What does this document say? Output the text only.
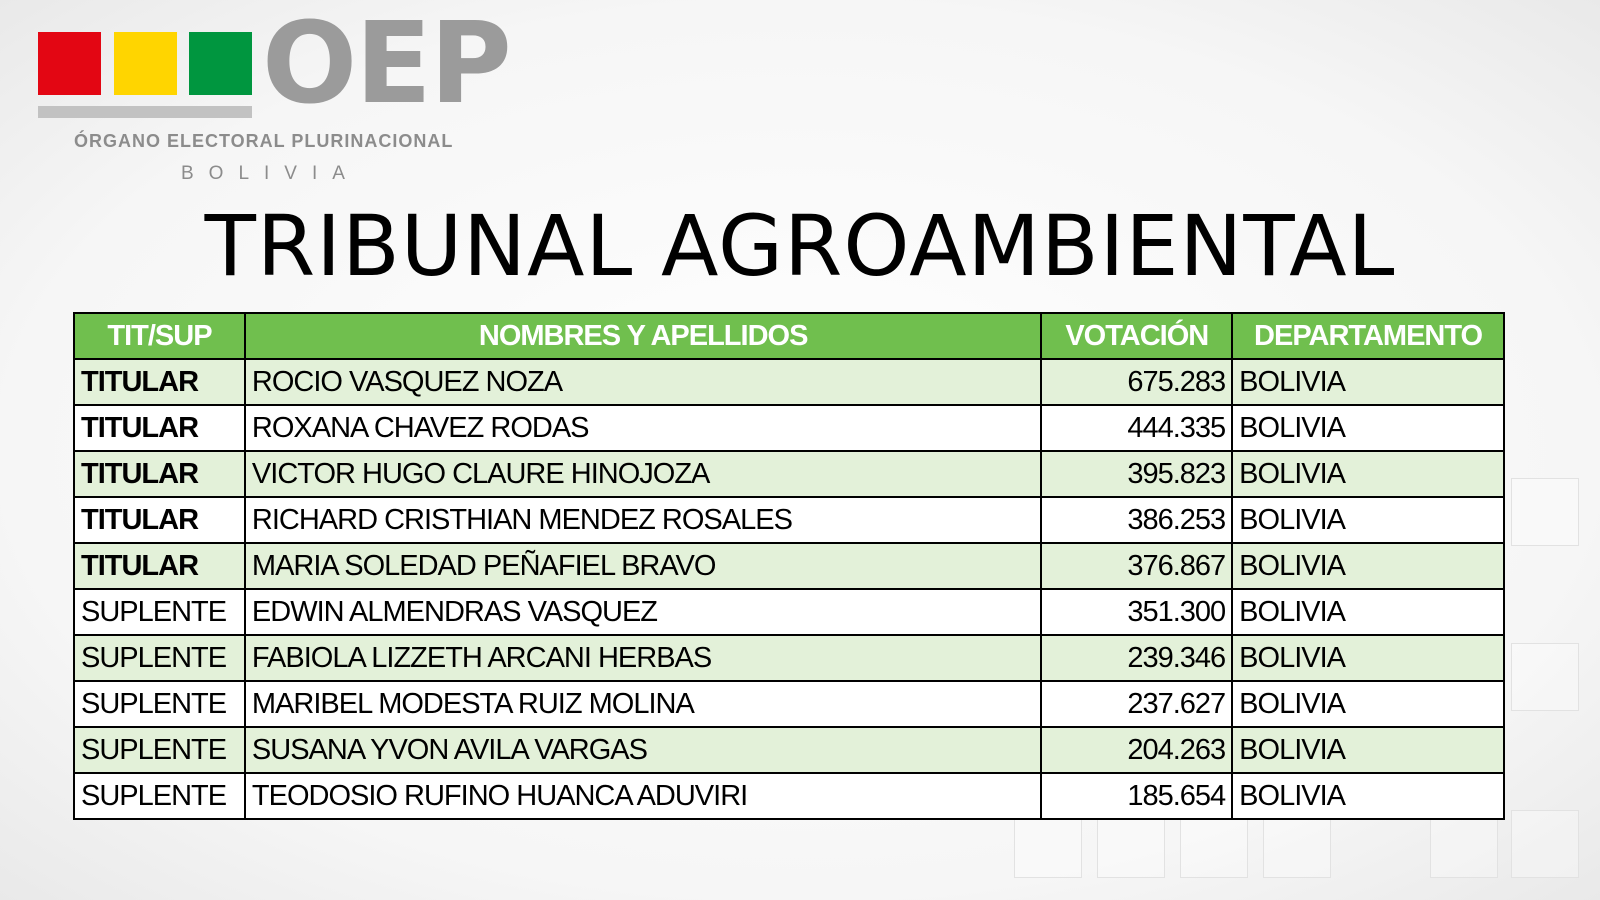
OEP
ÓRGANO ELECTORAL PLURINACIONAL
BOLIVIA
TRIBUNAL AGROAMBIENTAL
TIT/SUP	NOMBRES Y APELLIDOS	VOTACIÓN	DEPARTAMENTO
TITULAR	ROCIO VASQUEZ NOZA	675.283	BOLIVIA
TITULAR	ROXANA CHAVEZ RODAS	444.335	BOLIVIA
TITULAR	VICTOR HUGO CLAURE HINOJOZA	395.823	BOLIVIA
TITULAR	RICHARD CRISTHIAN MENDEZ ROSALES	386.253	BOLIVIA
TITULAR	MARIA SOLEDAD PEÑAFIEL BRAVO	376.867	BOLIVIA
SUPLENTE	EDWIN ALMENDRAS VASQUEZ	351.300	BOLIVIA
SUPLENTE	FABIOLA LIZZETH ARCANI HERBAS	239.346	BOLIVIA
SUPLENTE	MARIBEL MODESTA RUIZ MOLINA	237.627	BOLIVIA
SUPLENTE	SUSANA YVON AVILA VARGAS	204.263	BOLIVIA
SUPLENTE	TEODOSIO RUFINO HUANCA ADUVIRI	185.654	BOLIVIA
